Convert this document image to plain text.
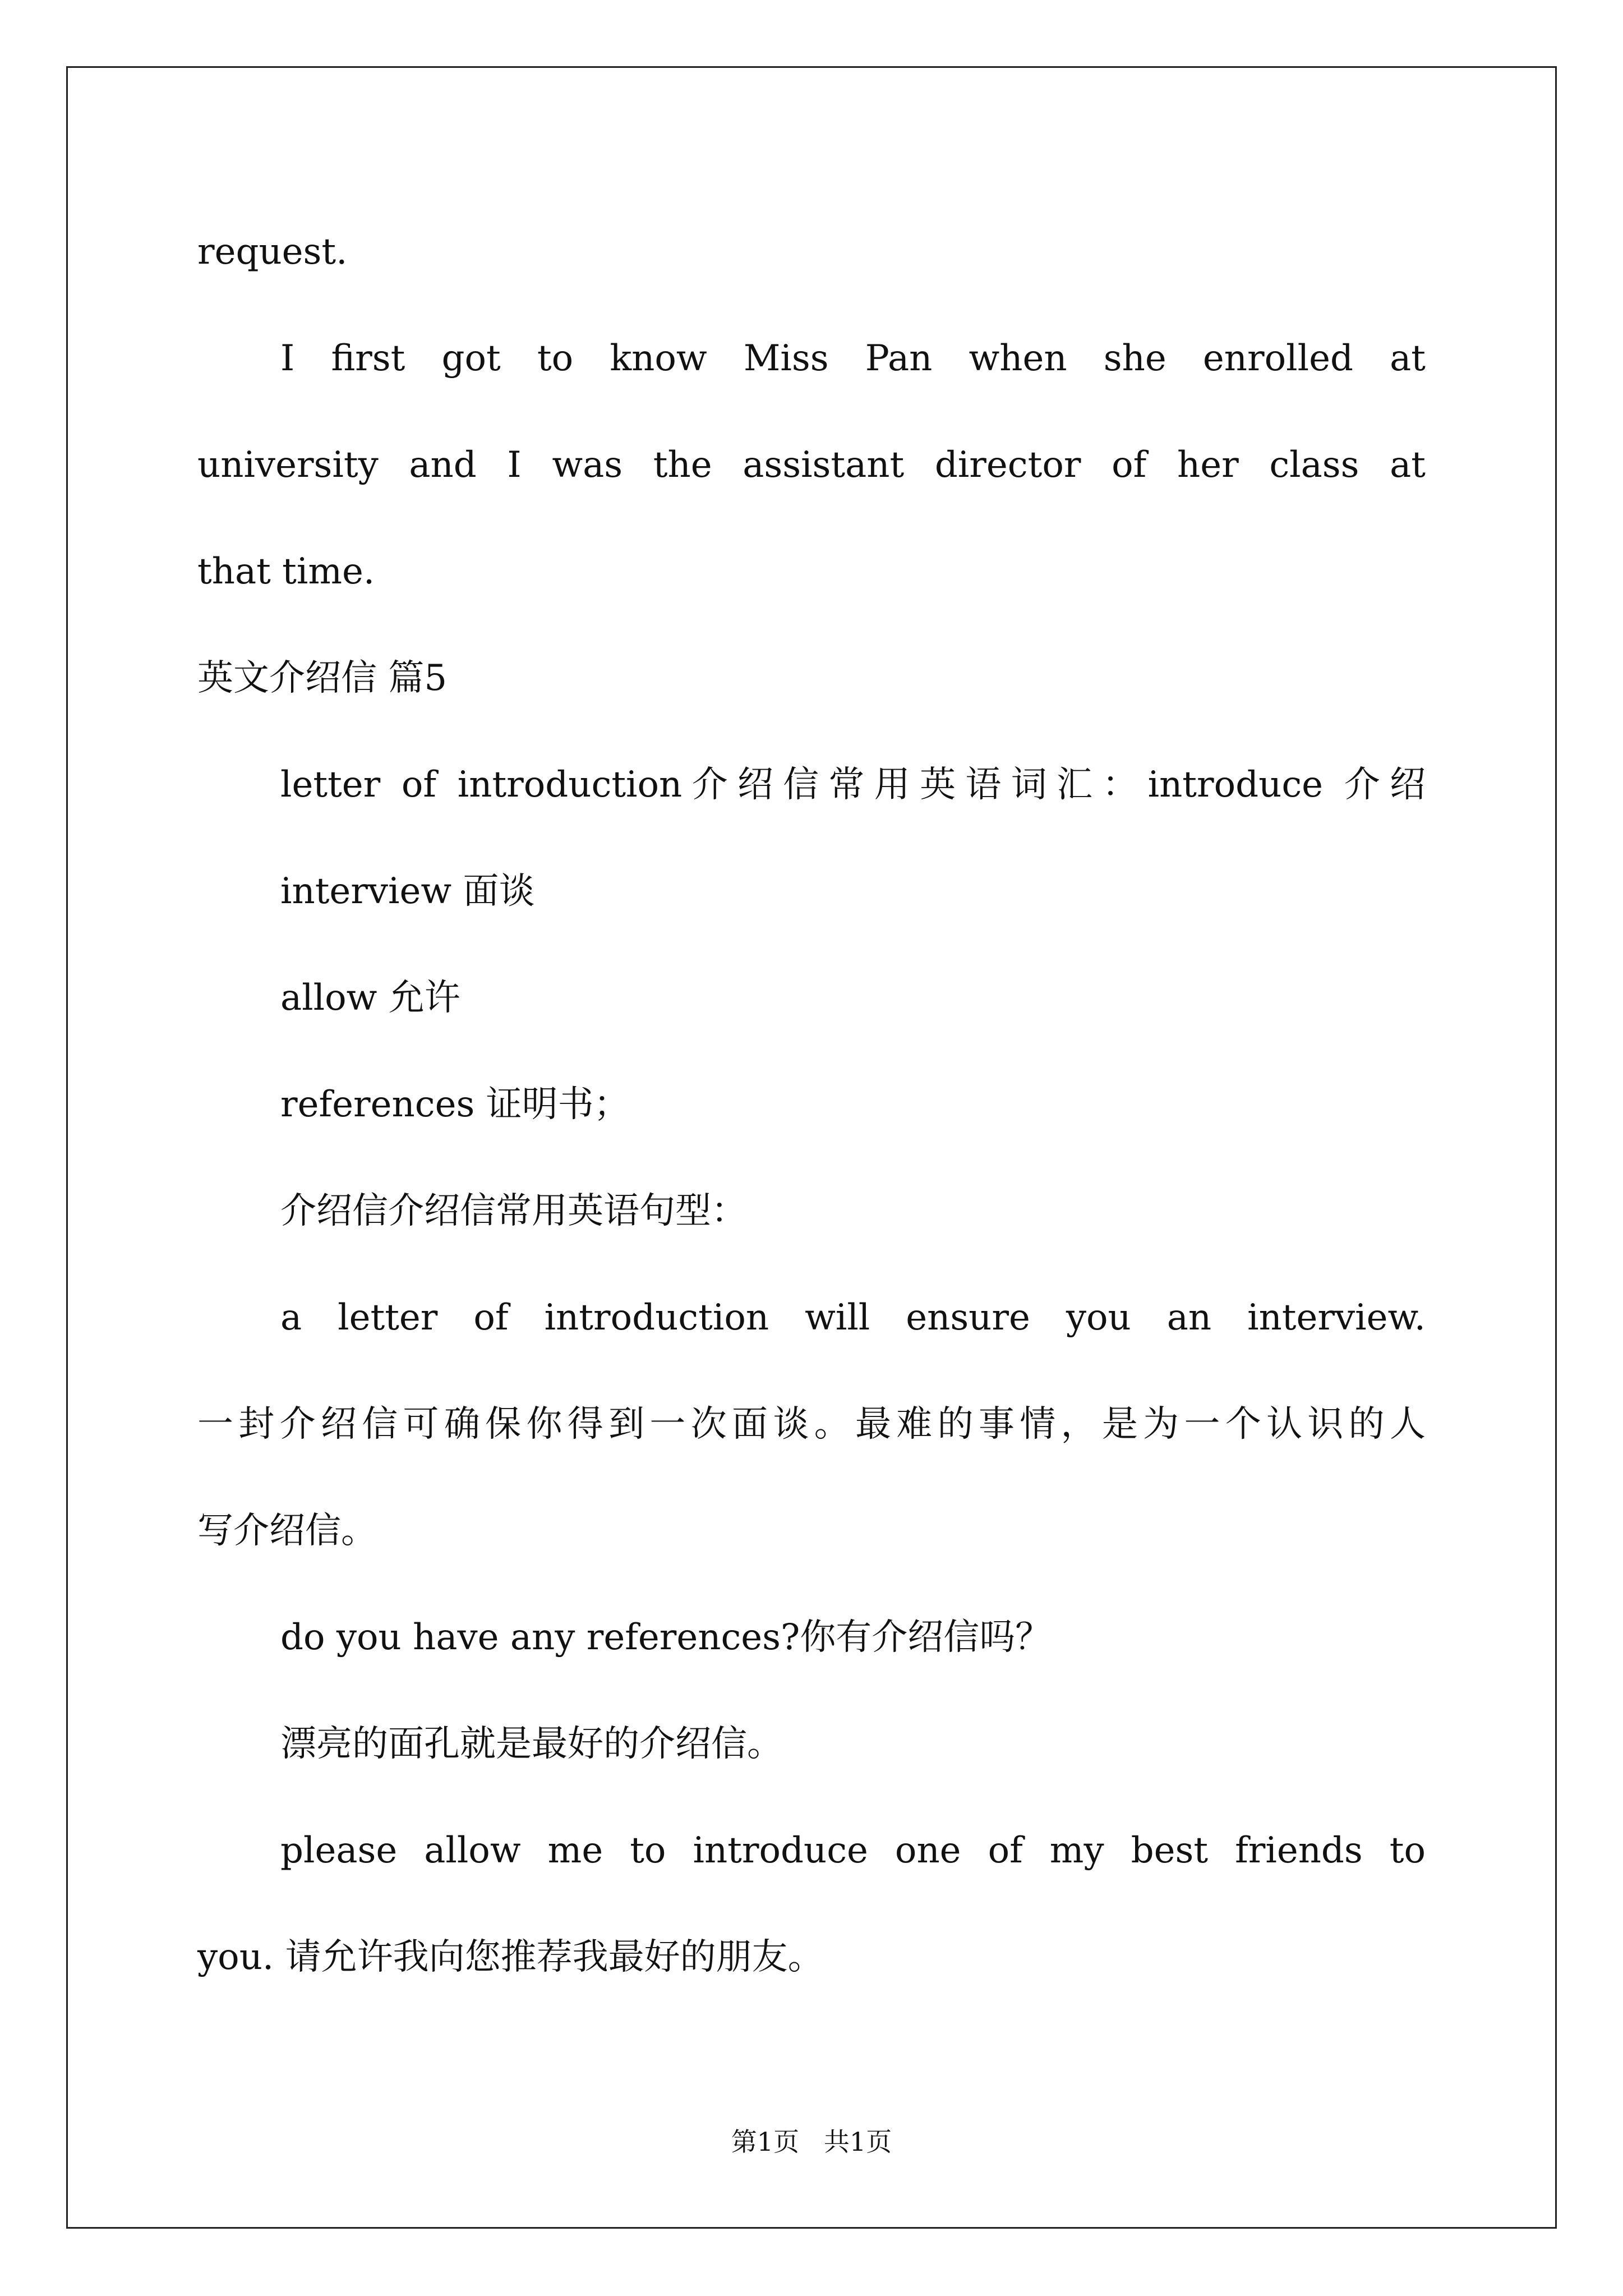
request.

I first got to know Miss Pan when she enrolled at

university and I was the assistant director of her class at

that time.

英文介绍信 篇5

letter of introduction介绍信常用英语词汇：introduce 介绍

interview 面谈

allow 允许

references 证明书；

介绍信介绍信常用英语句型：

a letter of introduction will ensure you an interview.

一封介绍信可确保你得到一次面谈。最难的事情，是为一个认识的人

写介绍信。

do you have any references?你有介绍信吗？

漂亮的面孔就是最好的介绍信。

please allow me to introduce one of my best friends to

you. 请允许我向您推荐我最好的朋友。

第1页   共1页
